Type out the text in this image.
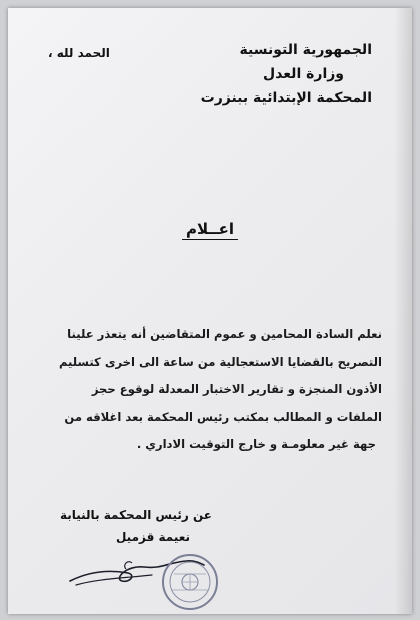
الجمهورية التونسية
وزارة العدل
المحكمة الإبتدائية ببنزرت
الحمد لله ،
اعــلام
نعلم السادة المحامين و عموم المتقاضين أنه يتعذر علينا
التصريح بالقضايا الاستعجالية من ساعة الى اخرى كتسليم
الأذون المنجزة و تقارير الاختبار المعدلة لوقوع حجز
الملفات و المطالب بمكتب رئيس المحكمة بعد اغلاقه من
جهة غير معلومـة و خارج التوقيت الاداري .
عن رئيس المحكمة بالنيابة
نعيمة قزميل
